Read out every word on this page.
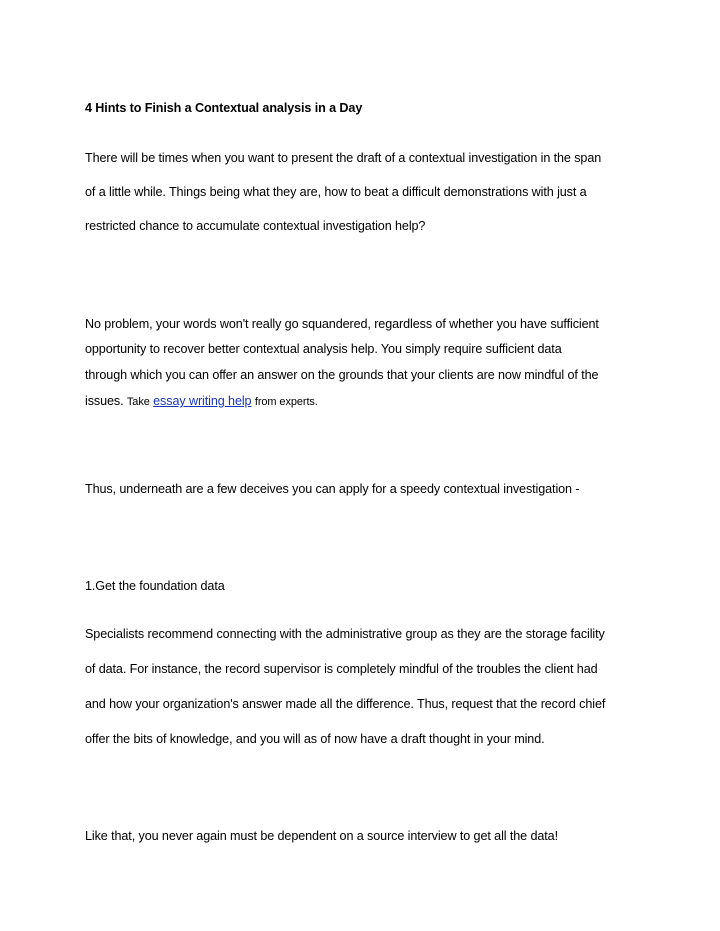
4 Hints to Finish a Contextual analysis in a Day
There will be times when you want to present the draft of a contextual investigation in the span
of a little while. Things being what they are, how to beat a difficult demonstrations with just a
restricted chance to accumulate contextual investigation help?
No problem, your words won't really go squandered, regardless of whether you have sufficient
opportunity to recover better contextual analysis help. You simply require sufficient data
through which you can offer an answer on the grounds that your clients are now mindful of the
issues. Take essay writing help from experts.
Thus, underneath are a few deceives you can apply for a speedy contextual investigation -
1.Get the foundation data
Specialists recommend connecting with the administrative group as they are the storage facility
of data. For instance, the record supervisor is completely mindful of the troubles the client had
and how your organization's answer made all the difference. Thus, request that the record chief
offer the bits of knowledge, and you will as of now have a draft thought in your mind.
Like that, you never again must be dependent on a source interview to get all the data!
